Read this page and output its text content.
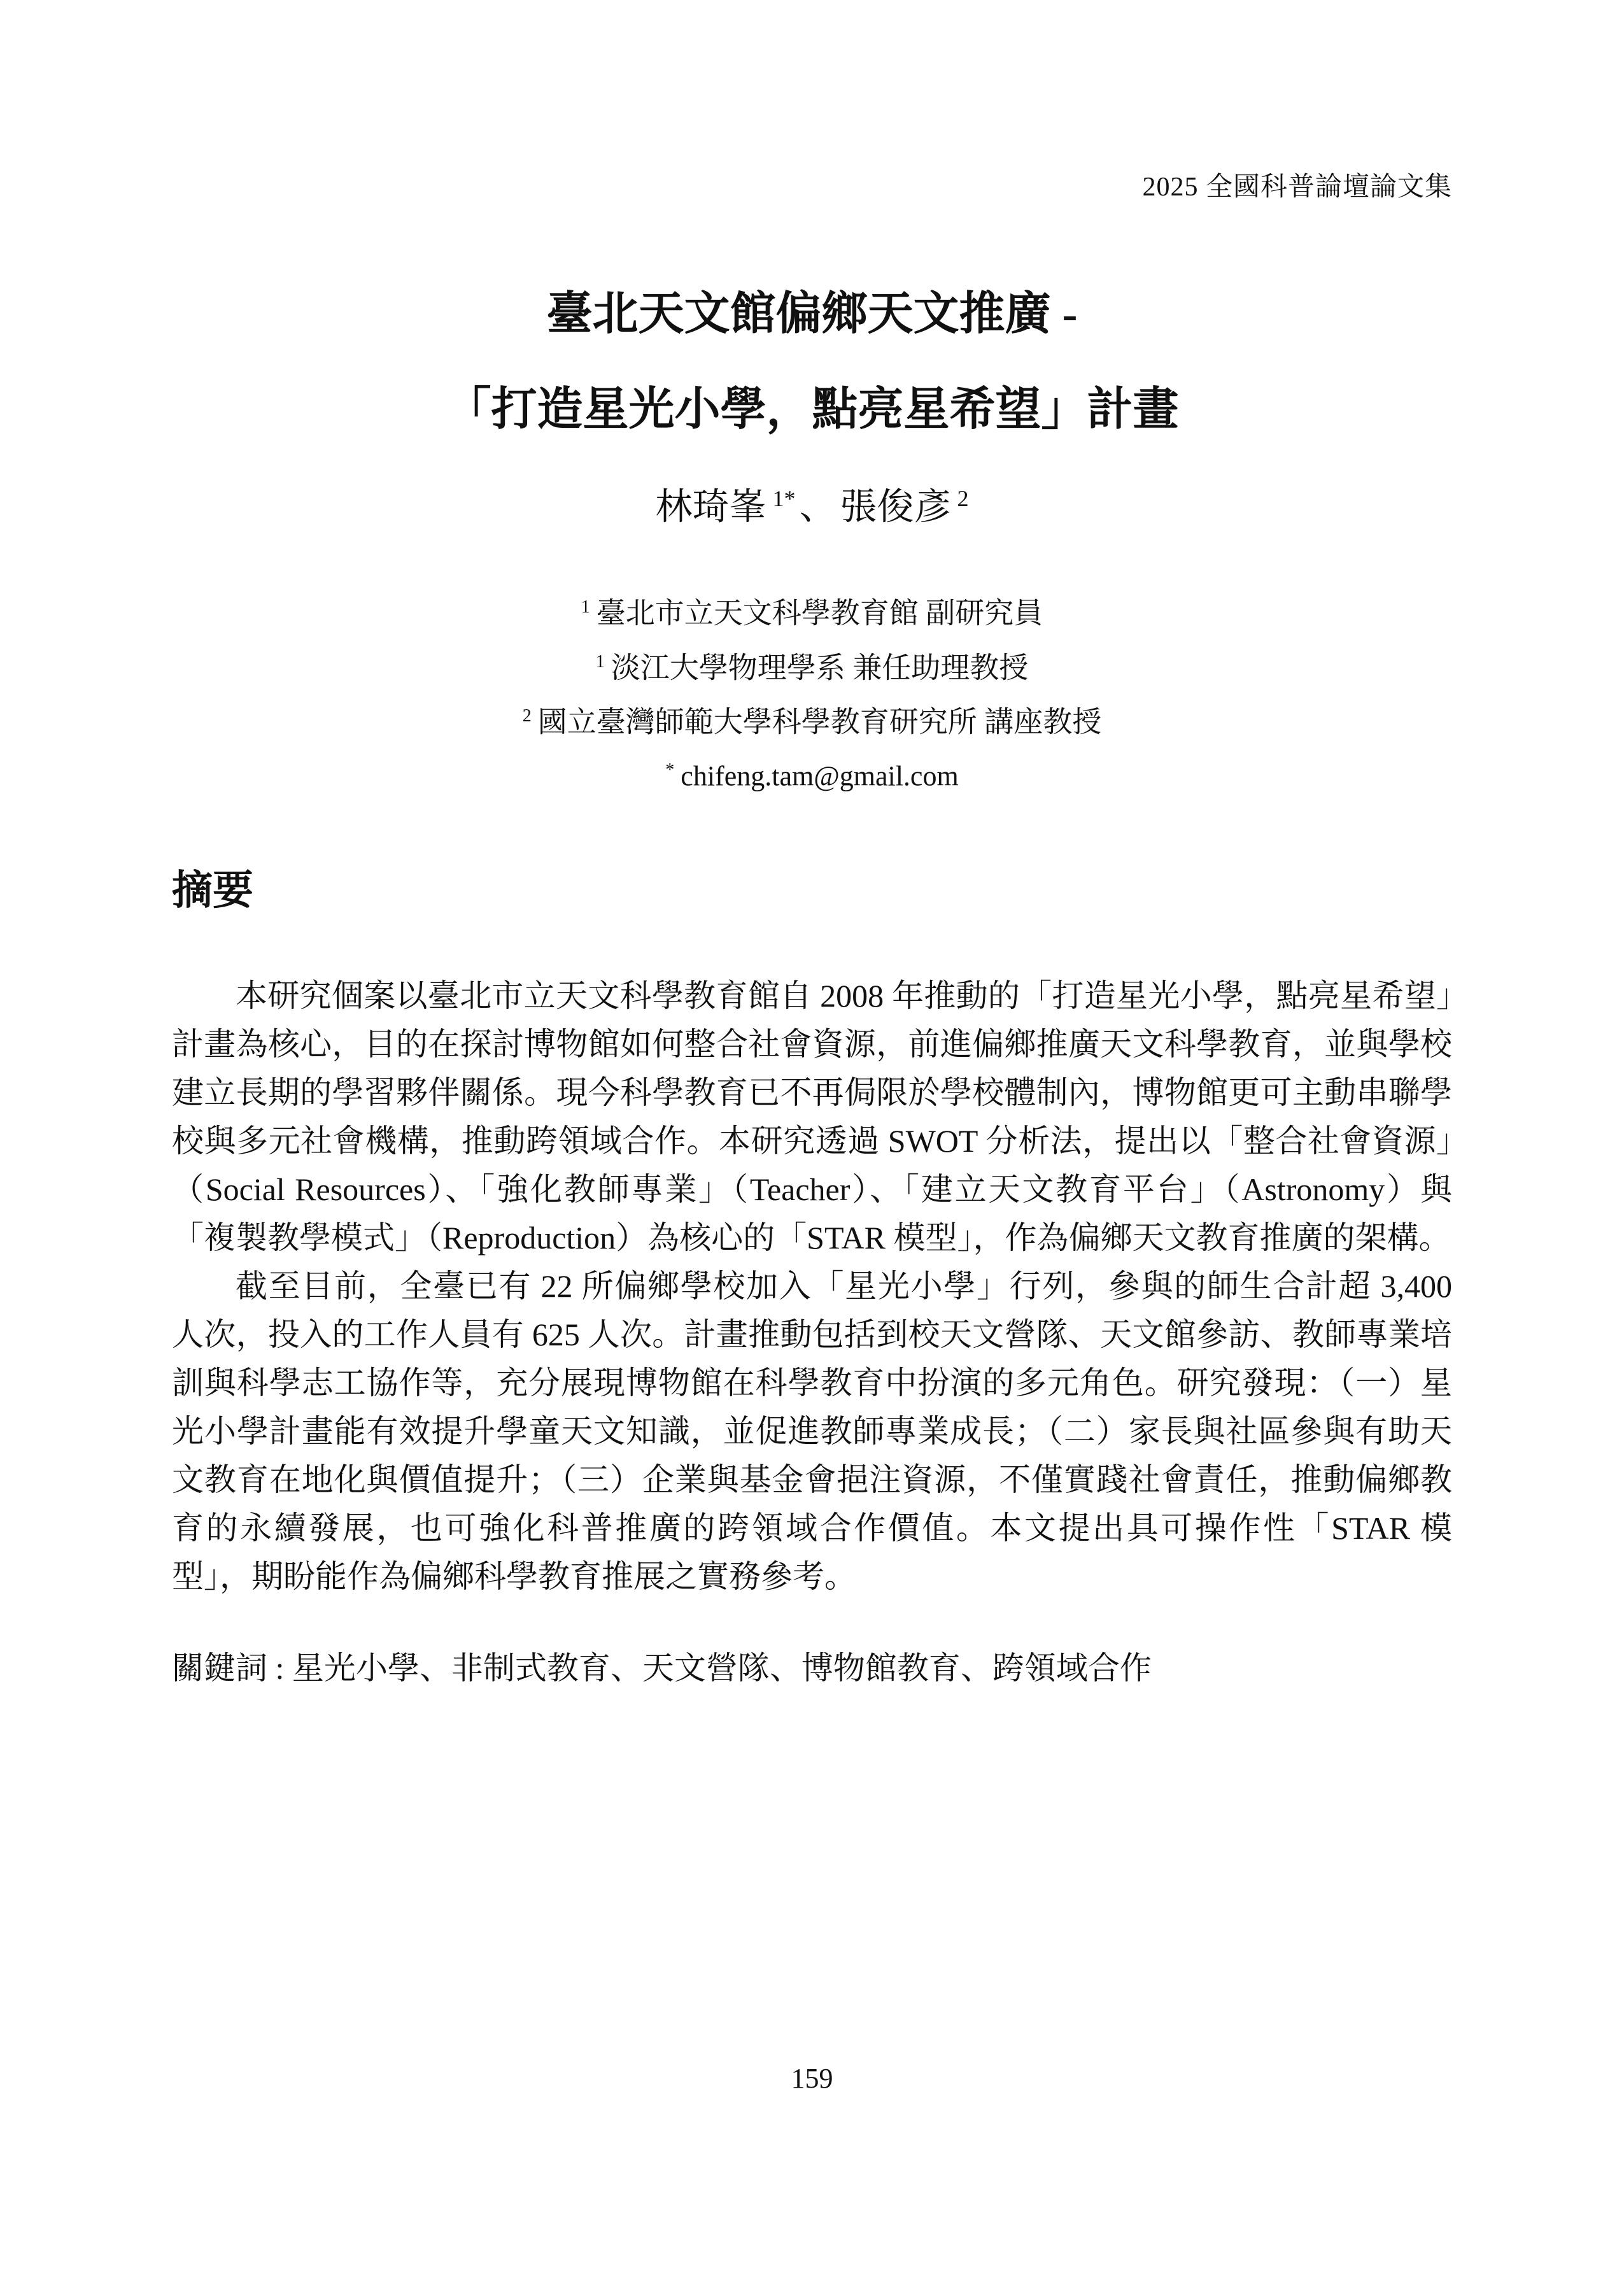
2025 全國科普論壇論文集
臺北天文館偏鄉天文推廣 -
「打造星光小學，點亮星希望」計畫
林琦峯 $^{1*}$ 、 張俊彥 $^2$
$^1$ 臺北市立天文科學教育館 副研究員
$^1$ 淡江大學物理學系 兼任助理教授
$^2$ 國立臺灣師範大學科學教育研究所 講座教授
* chifeng.tam@gmail.com
摘要

本研究個案以臺北市立天文科學教育館自 2008 年推動的「打造星光小學，點亮星希望」計畫為核心，目的在探討博物館如何整合社會資源，前進偏鄉推廣天文科學教育，並與學校建立長期的學習夥伴關係。現今科學教育已不再侷限於學校體制內，博物館更可主動串聯學校與多元社會機構，推動跨領域合作。本研究透過 SWOT 分析法，提出以「整合社會資源」（Social Resources）、「強化教師專業」（Teacher）、「建立天文教育平台」（Astronomy）與「複製教學模式」（Reproduction）為核心的「STAR 模型」，作為偏鄉天文教育推廣的架構。

截至目前，全臺已有 22 所偏鄉學校加入「星光小學」行列，參與的師生合計超 3,400 人次，投入的工作人員有 625 人次。計畫推動包括到校天文營隊、天文館參訪、教師專業培訓與科學志工協作等，充分展現博物館在科學教育中扮演的多元角色。研究發現：（一）星光小學計畫能有效提升學童天文知識，並促進教師專業成長；（二）家長與社區參與有助天文教育在地化與價值提升；（三）企業與基金會挹注資源，不僅實踐社會責任，推動偏鄉教育的永續發展，也可強化科普推廣的跨領域合作價值。本文提出具可操作性「STAR 模型」，期盼能作為偏鄉科學教育推展之實務參考。

關鍵詞 : 星光小學、非制式教育、天文營隊、博物館教育、跨領域合作
159
